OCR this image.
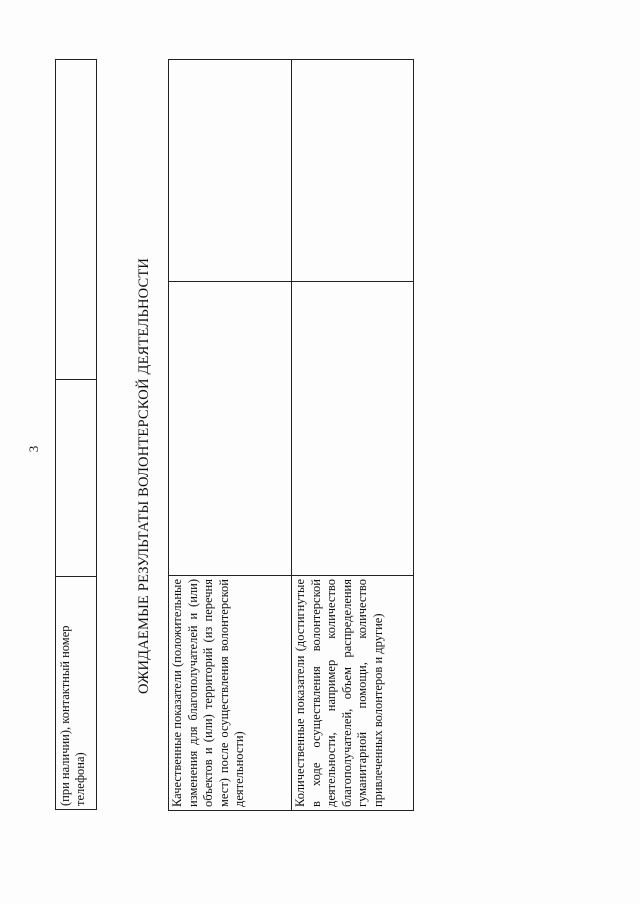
3
(при наличии), контактный номер телефона)
ОЖИДАЕМЫЕ РЕЗУЛЬТАТЫ ВОЛОНТЕРСКОЙ ДЕЯТЕЛЬНОСТИ Качественные показатели (положительные изменения для благополучателей и (или) объектов и (или) территорий (из перечня мест) после осуществления волонтерской деятельности)	Количественные показатели (достигнутые в ходе осуществления волонтерской деятельности, например количество благополучателей, объем распределения гуманитарной помощи, количество привлеченных волонтеров и другие)
